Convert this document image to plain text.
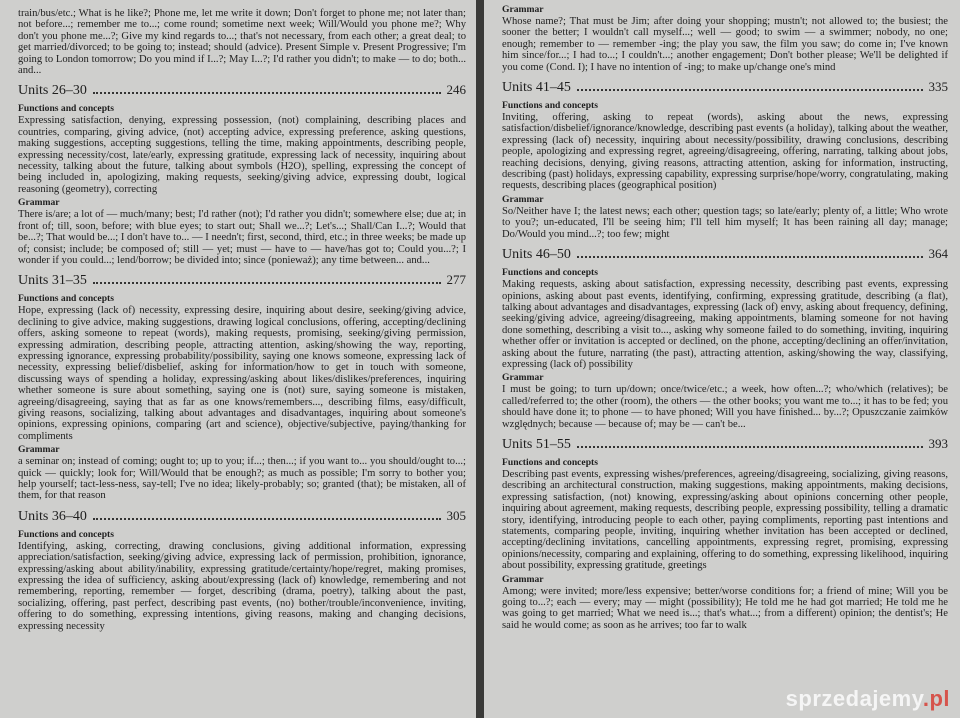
train/bus/etc.; What is he like?; Phone me, let me write it down; Don't forget to phone me; not later than; not before...; remember me to...; come round; sometime next week; Will/Would you phone me?; Why don't you phone me...?; Give my kind regards to...; that's not necessary, from each other; a great deal; to get married/divorced; to be going to; instead; should (advice). Present Simple v. Present Progressive; I'm going to London tomorrow; Do you mind if I...?; May I...?; I'd rather you didn't; to make — to do; both... and...

Units 26–30	246
Functions and concepts

Expressing satisfaction, denying, expressing possession, (not) complaining, describing places and countries, comparing, giving advice, (not) accepting advice, expressing preference, asking questions, making suggestions, accepting suggestions, telling the time, making appointments, describing people, expressing necessity/cost, late/early, expressing gratitude, expressing lack of necessity, inquiring about necessity, talking about the future, talking about symbols (H2O), spelling, expressing the concept of being included in, apologizing, making requests, seeking/giving advice, expressing doubt, logical reasoning (geometry), correcting

Grammar

There is/are; a lot of — much/many; best; I'd rather (not); I'd rather you didn't; somewhere else; due at; in front of; till, soon, before; with blue eyes; to start out; Shall we...?; Let's...; Shall/Can I...?; Would that be...?; That would be...; I don't have to... — I needn't; first, second, third, etc.; in three weeks; be made up of; consist; include; be composed of; still — yet; must — have to — have/has got to; Could you...?; I wonder if you could...; lend/borrow; be divided into; since (ponieważ); any time between... and...

Units 31–35	277
Functions and concepts

Hope, expressing (lack of) necessity, expressing desire, inquiring about desire, seeking/giving advice, declining to give advice, making suggestions, drawing logical conclusions, offering, accepting/declining offers, asking someone to repeat (words), making requests, promising, seeking/giving permission, expressing admiration, describing people, attracting attention, asking/showing the way, reporting, expressing ignorance, expressing probability/possibility, saying one knows someone, expressing lack of necessity, expressing belief/disbelief, asking for information/how to get in touch with someone, discussing ways of spending a holiday, expressing/asking about likes/dislikes/preferences, inquiring whether someone is sure about something, saying one is (not) sure, saying someone is mistaken, agreeing/disagreeing, saying that as far as one knows/remembers..., describing films, easy/difficult, giving reasons, socializing, talking about advantages and disadvantages, inquiring about someone's opinions, expressing opinions, comparing (art and science), objective/subjective, paying/thanking for compliments

Grammar

a seminar on; instead of coming; ought to; up to you; if...; then...; if you want to... you should/ought to...; quick — quickly; look for; Will/Would that be enough?; as much as possible; I'm sorry to bother you; help yourself; tact-less-ness, say-tell; I've no idea; likely-probably; so; granted (that); be mistaken, all of them, for that reason

Units 36–40	305
Functions and concepts

Identifying, asking, correcting, drawing conclusions, giving additional information, expressing appreciation/satisfaction, seeking/giving advice, expressing lack of permission, prohibition, ignorance, expressing/asking about ability/inability, expressing gratitude/certainty/hope/regret, making promises, expressing the idea of sufficiency, asking about/expressing (lack of) knowledge, remembering and not remembering, reporting, remember — forget, describing (drama, poetry), talking about the past, socializing, offering, past perfect, describing past events, (no) bother/trouble/inconvenience, inviting, offering to do something, expressing intentions, giving reasons, making and changing decisions, expressing necessity

Grammar

Whose name?; That must be Jim; after doing your shopping; mustn't; not allowed to; the busiest; the sooner the better; I wouldn't call myself...; well — good; to swim — a swimmer; nobody, no one; enough; remember to — remember -ing; the play you saw, the film you saw; do come in; I've known him since/for...; I had to...; I couldn't...; another engagement; Don't bother please; We'll be delighted if you come (Cond. I); I have no intention of -ing; to make up/change one's mind

Units 41–45	335
Functions and concepts

Inviting, offering, asking to repeat (words), asking about the news, expressing satisfaction/disbelief/ignorance/knowledge, describing past events (a holiday), talking about the weather, expressing (lack of) necessity, inquiring about necessity/possibility, drawing conclusions, describing people, apologizing and expressing regret, agreeing/disagreeing, offering, narrating, talking about jobs, reaching decisions, denying, giving reasons, attracting attention, asking for information, instructing, describing (past) holidays, expressing capability, expressing surprise/hope/worry, congratulating, making requests, describing places (geographical position)

Grammar

So/Neither have I; the latest news; each other; question tags; so late/early; plenty of, a little; Who wrote to you?; un-educated, I'll be seeing him; I'll tell him myself; It has been raining all day; manage; Do/Would you mind...?; too few; might

Units 46–50	364
Functions and concepts

Making requests, asking about satisfaction, expressing necessity, describing past events, expressing opinions, asking about past events, identifying, confirming, expressing gratitude, describing (a flat), talking about advantages and disadvantages, expressing (lack of) envy, asking about frequency, defining, seeking/giving advice, agreeing/disagreeing, making appointments, blaming someone for not having done something, describing a visit to..., asking why someone failed to do something, inviting, inquiring whether offer or invitation is accepted or declined, on the phone, accepting/declining an offer/invitation, asking about the future, narrating (the past), attracting attention, asking/showing the way, classifying, expressing (lack of) possibility

Grammar

I must be going; to turn up/down; once/twice/etc.; a week, how often...?; who/which (relatives); be called/referred to; the other (room), the others — the other books; you want me to...; it has to be fed; you should have done it; to phone — to have phoned; Will you have finished... by...?; Opuszczanie zaimków względnych; because — because of; may be — can't be...

Units 51–55	393
Functions and concepts

Describing past events, expressing wishes/preferences, agreeing/disagreeing, socializing, giving reasons, describing an architectural construction, making suggestions, making appointments, making decisions, expressing satisfaction, (not) knowing, expressing/asking about opinions concerning other people, inquiring about agreement, making requests, describing people, expressing possibility, telling a dramatic story, identifying, introducing people to each other, paying compliments, reporting past intentions and statements, comparing people, inviting, inquiring whether invitation has been accepted or declined, accepting/declining invitations, cancelling appointments, expressing regret, promising, expressing opinions/necessity, comparing and explaining, offering to do something, expressing likelihood, inquiring about possibility, expressing gratitude, greetings

Grammar

Among; were invited; more/less expensive; better/worse conditions for; a friend of mine; Will you be going to...?; each — every; may — might (possibility); He told me he had got married; He told me he was going to get married; What we need is...; that's what...; from a different) opinion; the dentist's; He said he would come; as soon as he arrives; too far to walk

sprzedajemy.pl
